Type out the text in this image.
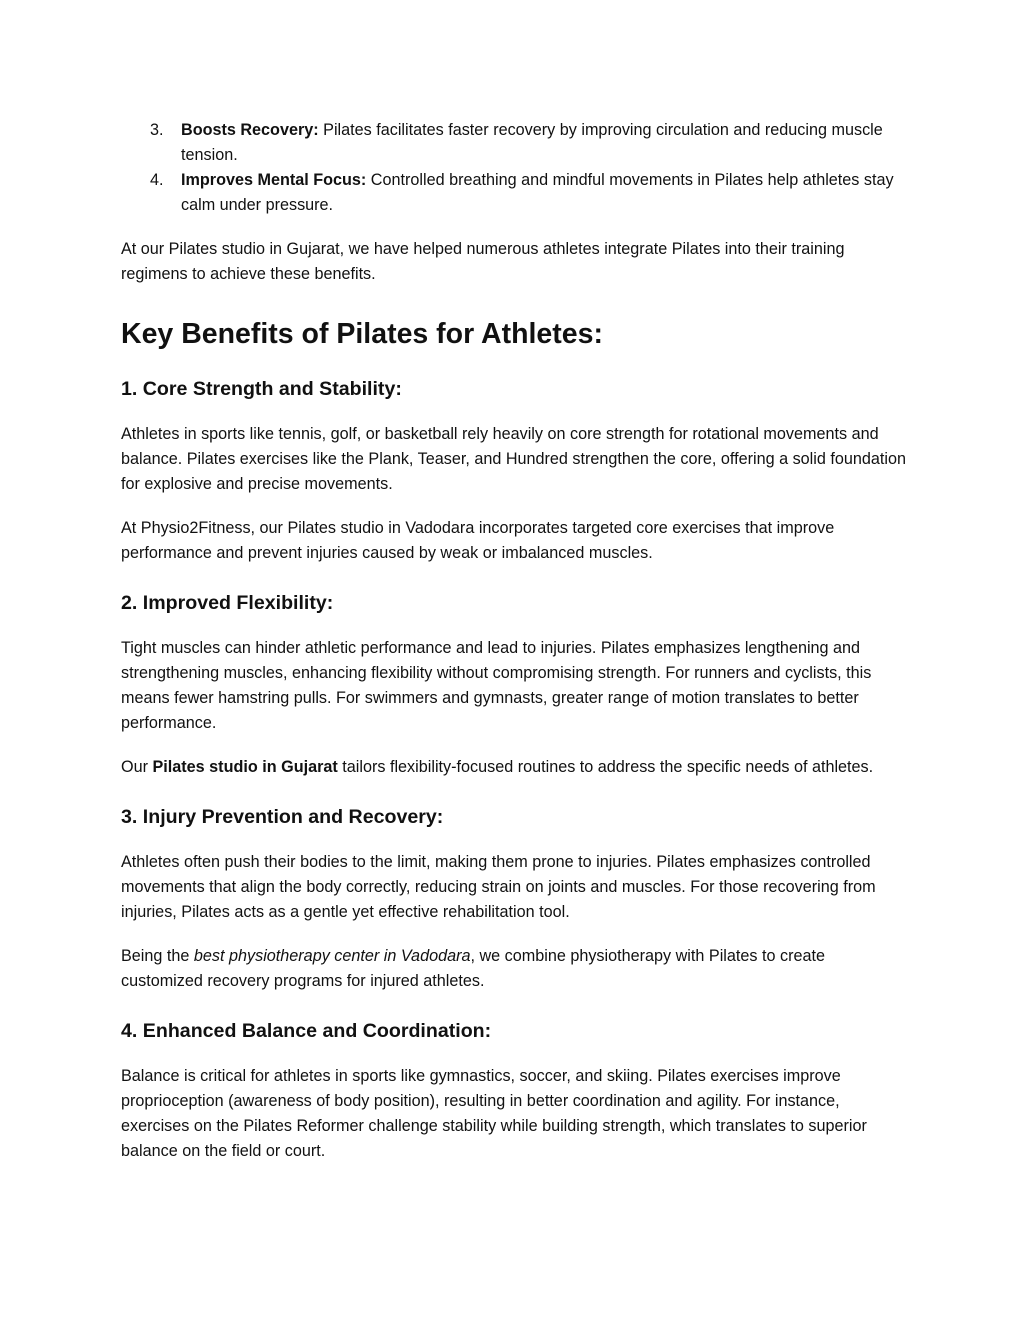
3. Boosts Recovery: Pilates facilitates faster recovery by improving circulation and reducing muscle tension.
4. Improves Mental Focus: Controlled breathing and mindful movements in Pilates help athletes stay calm under pressure.

At our Pilates studio in Gujarat, we have helped numerous athletes integrate Pilates into their training regimens to achieve these benefits.

Key Benefits of Pilates for Athletes:
1. Core Strength and Stability:

Athletes in sports like tennis, golf, or basketball rely heavily on core strength for rotational movements and balance. Pilates exercises like the Plank, Teaser, and Hundred strengthen the core, offering a solid foundation for explosive and precise movements.

At Physio2Fitness, our Pilates studio in Vadodara incorporates targeted core exercises that improve performance and prevent injuries caused by weak or imbalanced muscles.

2. Improved Flexibility:

Tight muscles can hinder athletic performance and lead to injuries. Pilates emphasizes lengthening and strengthening muscles, enhancing flexibility without compromising strength. For runners and cyclists, this means fewer hamstring pulls. For swimmers and gymnasts, greater range of motion translates to better performance.

Our Pilates studio in Gujarat tailors flexibility-focused routines to address the specific needs of athletes.

3. Injury Prevention and Recovery:

Athletes often push their bodies to the limit, making them prone to injuries. Pilates emphasizes controlled movements that align the body correctly, reducing strain on joints and muscles. For those recovering from injuries, Pilates acts as a gentle yet effective rehabilitation tool.

Being the best physiotherapy center in Vadodara, we combine physiotherapy with Pilates to create customized recovery programs for injured athletes.

4. Enhanced Balance and Coordination:

Balance is critical for athletes in sports like gymnastics, soccer, and skiing. Pilates exercises improve proprioception (awareness of body position), resulting in better coordination and agility. For instance, exercises on the Pilates Reformer challenge stability while building strength, which translates to superior balance on the field or court.
